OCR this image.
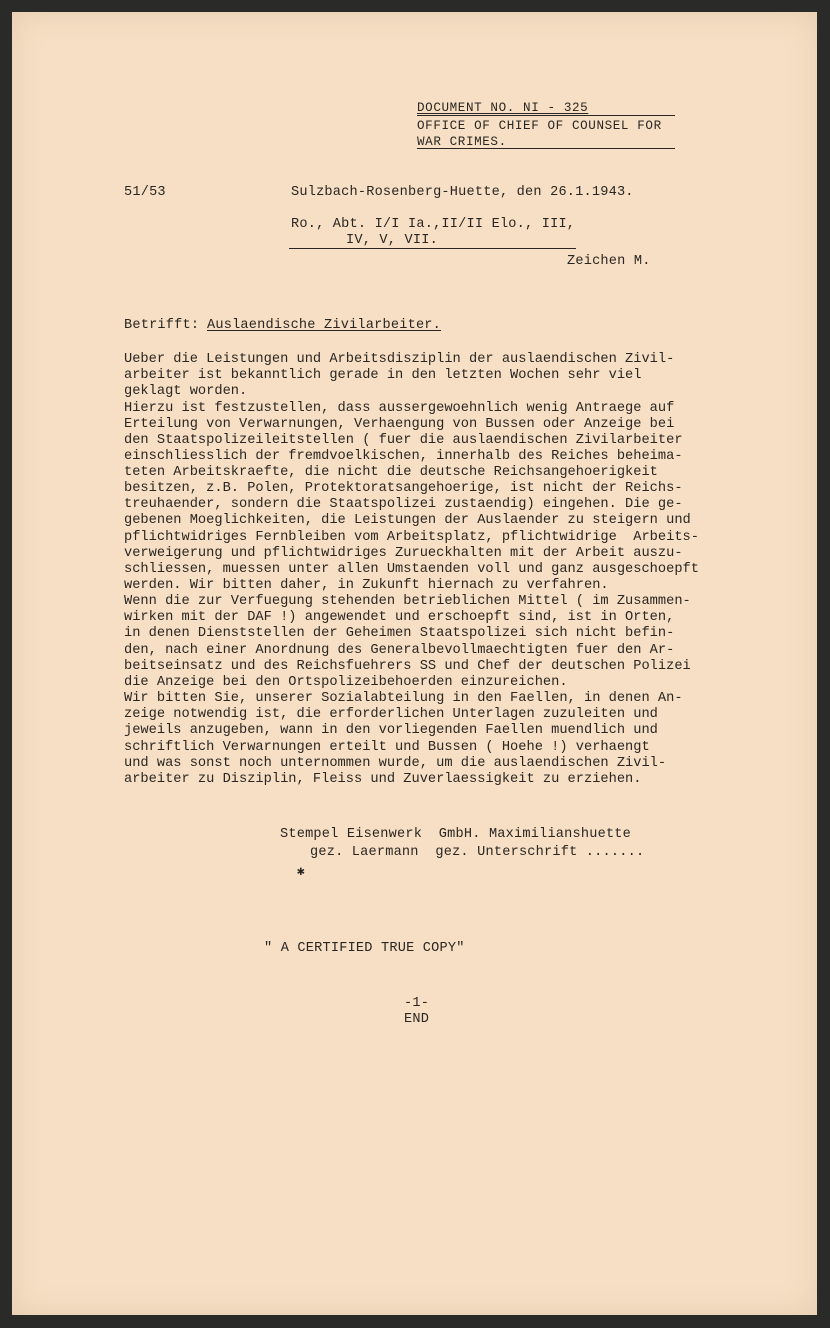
DOCUMENT NO. NI - 325
OFFICE OF CHIEF OF COUNSEL FOR
WAR CRIMES.
51/53	Sulzbach-Rosenberg-Huette, den 26.1.1943.
Ro., Abt. I/I Ia.,II/II Elo., III,
IV, V, VII.
Zeichen M.
Betrifft: Auslaendische Zivilarbeiter.
Ueber die Leistungen und Arbeitsdisziplin der auslaendischen Zivil-
arbeiter ist bekanntlich gerade in den letzten Wochen sehr viel
geklagt worden.
Hierzu ist festzustellen, dass aussergewoehnlich wenig Antraege auf
Erteilung von Verwarnungen, Verhaengung von Bussen oder Anzeige bei
den Staatspolizeileitstellen ( fuer die auslaendischen Zivilarbeiter
einschliesslich der fremdvoelkischen, innerhalb des Reiches beheima-
teten Arbeitskraefte, die nicht die deutsche Reichsangehoerigkeit
besitzen, z.B. Polen, Protektoratsangehoerige, ist nicht der Reichs-
treuhaender, sondern die Staatspolizei zustaendig) eingehen. Die ge-
gebenen Moeglichkeiten, die Leistungen der Auslaender zu steigern und
pflichtwidriges Fernbleiben vom Arbeitsplatz, pflichtwidrige  Arbeits-
verweigerung und pflichtwidriges Zurueckhalten mit der Arbeit auszu-
schliessen, muessen unter allen Umstaenden voll und ganz ausgeschoepft
werden. Wir bitten daher, in Zukunft hiernach zu verfahren.
Wenn die zur Verfuegung stehenden betrieblichen Mittel ( im Zusammen-
wirken mit der DAF !) angewendet und erschoepft sind, ist in Orten,
in denen Dienststellen der Geheimen Staatspolizei sich nicht befin-
den, nach einer Anordnung des Generalbevollmaechtigten fuer den Ar-
beitseinsatz und des Reichsfuehrers SS und Chef der deutschen Polizei
die Anzeige bei den Ortspolizeibehoerden einzureichen.
Wir bitten Sie, unserer Sozialabteilung in den Faellen, in denen An-
zeige notwendig ist, die erforderlichen Unterlagen zuzuleiten und
jeweils anzugeben, wann in den vorliegenden Faellen muendlich und
schriftlich Verwarnungen erteilt und Bussen ( Hoehe !) verhaengt
und was sonst noch unternommen wurde, um die auslaendischen Zivil-
arbeiter zu Disziplin, Fleiss und Zuverlaessigkeit zu erziehen.
Stempel Eisenwerk  GmbH. Maximilianshuette
gez. Laermann  gez. Unterschrift .......
✱
" A CERTIFIED TRUE COPY"
-1-
END
